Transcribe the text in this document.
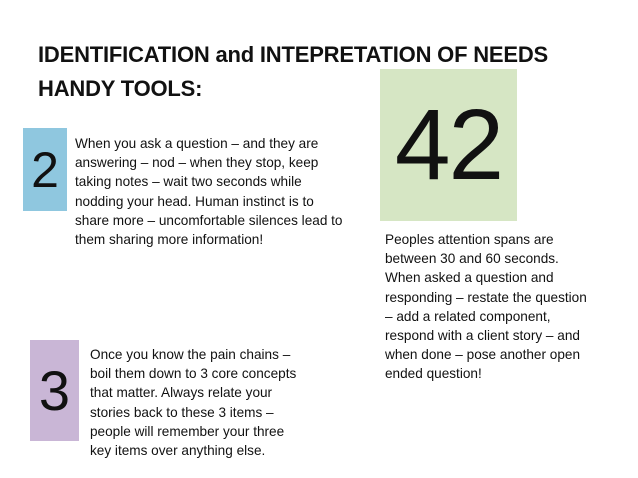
IDENTIFICATION and INTEPRETATION OF NEEDS
HANDY TOOLS:
2 When you ask a question – and they are
answering – nod – when they stop, keep
taking notes – wait two seconds while
nodding your head. Human instinct is to
share more – uncomfortable silences lead to
them sharing more information!
42
Peoples attention spans are
between 30 and 60 seconds.
When asked a question and
responding – restate the question
– add a related component,
respond with a client story – and
when done – pose another open
ended question!
3
Once you know the pain chains –
boil them down to 3 core concepts
that matter. Always relate your
stories back to these 3 items –
people will remember your three
key items over anything else.
